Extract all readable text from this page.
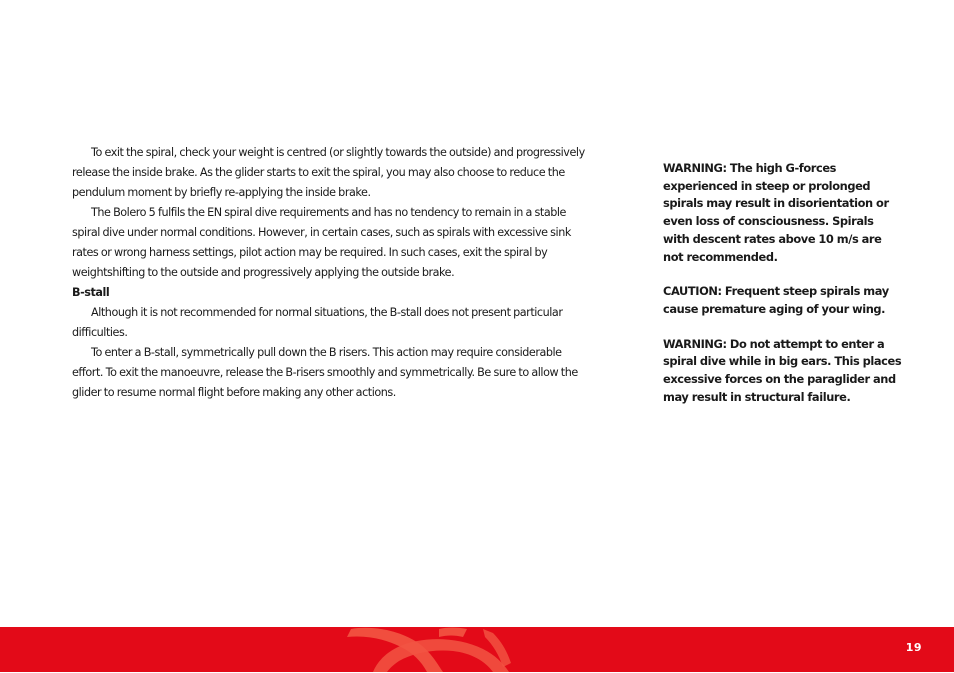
To exit the spiral, check your weight is centred (or slightly towards the outside) and progressively release the inside brake. As the glider starts to exit the spiral, you may also choose to reduce the pendulum moment by briefly re-applying the inside brake.

The Bolero 5 fulfils the EN spiral dive requirements and has no tendency to remain in a stable spiral dive under normal conditions. However, in certain cases, such as spirals with excessive sink rates or wrong harness settings, pilot action may be required. In such cases, exit the spiral by weightshifting to the outside and progressively applying the outside brake.

B-stall

Although it is not recommended for normal situations, the B-stall does not present particular difficulties.

To enter a B-stall, symmetrically pull down the B risers. This action may require considerable effort. To exit the manoeuvre, release the B-risers smoothly and symmetrically. Be sure to allow the glider to resume normal flight before making any other actions.

WARNING: The high G-forces experienced in steep or prolonged spirals may result in disorientation or even loss of consciousness. Spirals with descent rates above 10 m/s are not recommended.

CAUTION: Frequent steep spirals may cause premature aging of your wing.

WARNING: Do not attempt to enter a spiral dive while in big ears. This places excessive forces on the paraglider and may result in structural failure.

19
